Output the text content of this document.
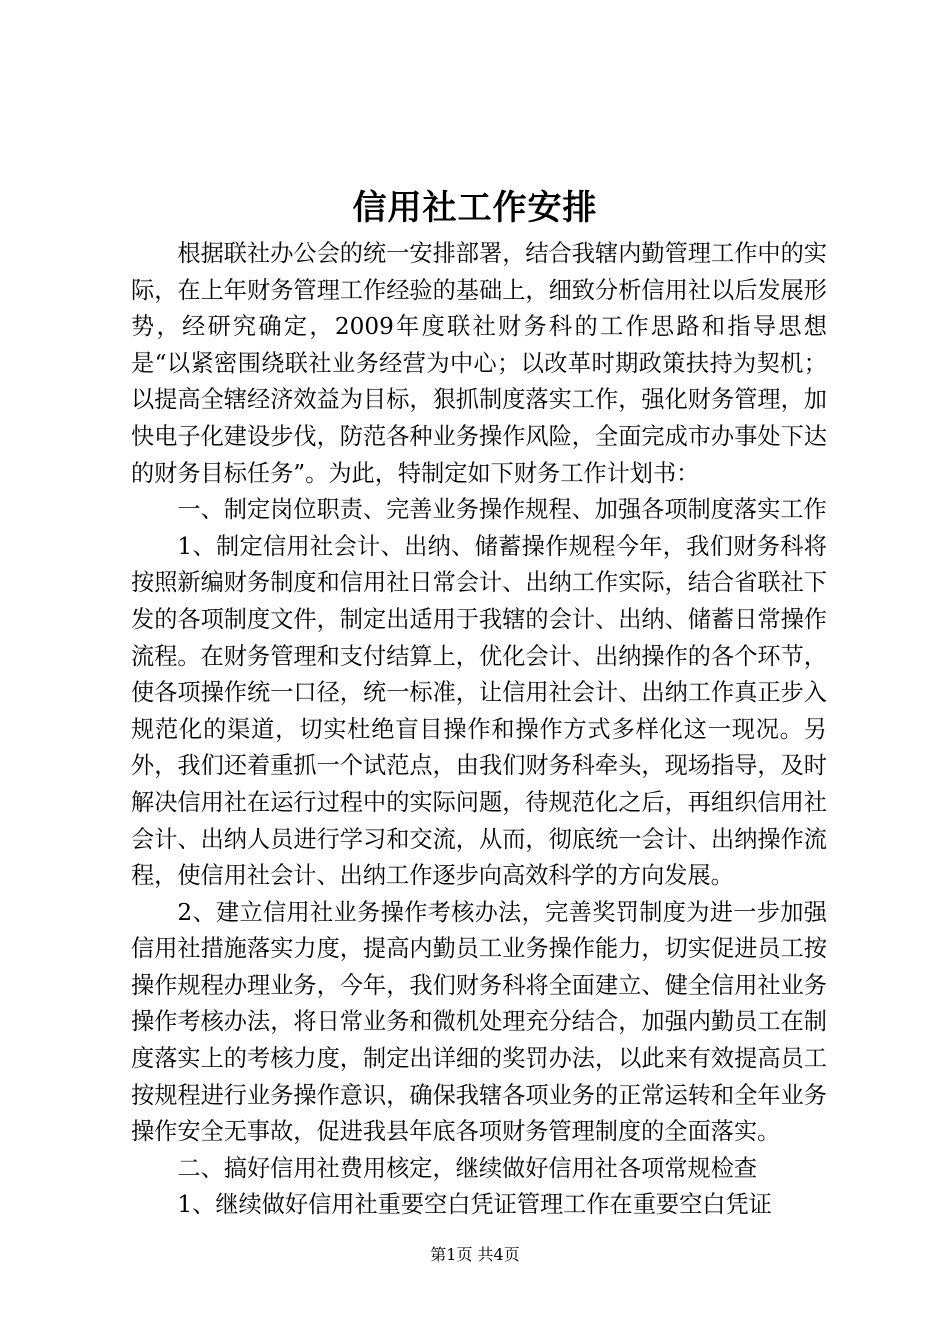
信用社工作安排

根据联社办公会的统一安排部署，结合我辖内勤管理工作中的实际，在上年财务管理工作经验的基础上，细致分析信用社以后发展形势，经研究确定，2009年度联社财务科的工作思路和指导思想是“以紧密围绕联社业务经营为中心；以改革时期政策扶持为契机；以提高全辖经济效益为目标，狠抓制度落实工作，强化财务管理，加快电子化建设步伐，防范各种业务操作风险，全面完成市办事处下达的财务目标任务”。为此，特制定如下财务工作计划书：

一、制定岗位职责、完善业务操作规程、加强各项制度落实工作

1、制定信用社会计、出纳、储蓄操作规程今年，我们财务科将按照新编财务制度和信用社日常会计、出纳工作实际，结合省联社下发的各项制度文件，制定出适用于我辖的会计、出纳、储蓄日常操作流程。在财务管理和支付结算上，优化会计、出纳操作的各个环节，使各项操作统一口径，统一标准，让信用社会计、出纳工作真正步入规范化的渠道，切实杜绝盲目操作和操作方式多样化这一现况。另外，我们还着重抓一个试范点，由我们财务科牵头，现场指导，及时解决信用社在运行过程中的实际问题，待规范化之后，再组织信用社会计、出纳人员进行学习和交流，从而，彻底统一会计、出纳操作流程，使信用社会计、出纳工作逐步向高效科学的方向发展。

2、建立信用社业务操作考核办法，完善奖罚制度为进一步加强信用社措施落实力度，提高内勤员工业务操作能力，切实促进员工按操作规程办理业务，今年，我们财务科将全面建立、健全信用社业务操作考核办法，将日常业务和微机处理充分结合，加强内勤员工在制度落实上的考核力度，制定出详细的奖罚办法，以此来有效提高员工按规程进行业务操作意识，确保我辖各项业务的正常运转和全年业务操作安全无事故，促进我县年底各项财务管理制度的全面落实。

二、搞好信用社费用核定，继续做好信用社各项常规检查

1、继续做好信用社重要空白凭证管理工作在重要空白凭证

第1页 共4页
